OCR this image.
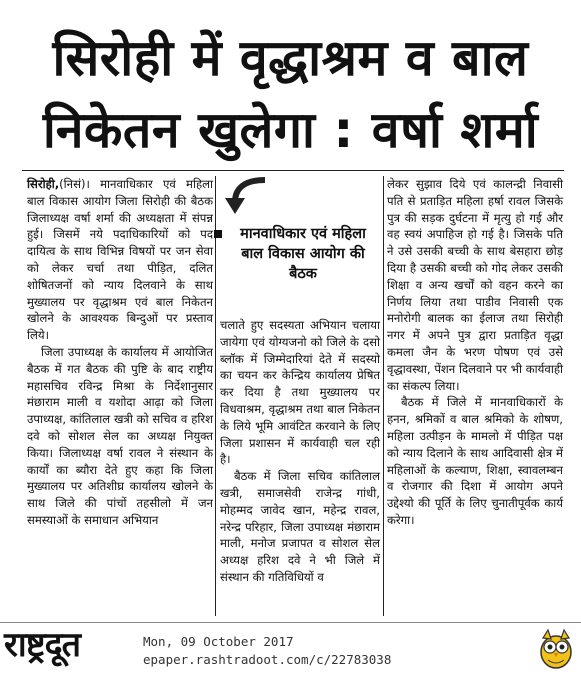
सिरोही में वृद्धाश्रम व बाल
निकेतन खुलेगा : वर्षा शर्मा

सिरोही,(निसं)। मानवाधिकार एवं महिला बाल विकास आयोग जिला सिरोही की बैठक जिलाध्यक्ष वर्षा शर्मा की अध्यक्षता में संपन्न हुई। जिसमें नये पदाधिकारियों को पद दायित्व के साथ विभिन्न विषयों पर जन सेवा को लेकर चर्चा तथा पीड़ित, दलित शोषितजनों को न्याय दिलवाने के साथ मुख्यालय पर वृद्धाश्रम एवं बाल निकेतन खोलने के आवश्यक बिन्दुओं पर प्रस्ताव लिये।

जिला उपाध्यक्ष के कार्यालय में आयोजित बैठक में गत बैठक की पुष्टि के बाद राष्ट्रीय महासचिव रविन्द्र मिश्रा के निर्देशानुसार मंछाराम माली व यशोदा आढ़ा को जिला उपाध्यक्ष, कांतिलाल खत्री को सचिव व हरिश दवे को सोशल सेल का अध्यक्ष नियुक्त किया। जिलाध्यक्ष वर्षा रावल ने संस्थान के कार्यों का ब्यौरा देते हुए कहा कि जिला मुख्यालय पर अतिशीघ्र कार्यालय खोलने के साथ जिले की पांचों तहसीलो में जन समस्याओं के समाधान अभियान

मानवाधिकार एवं महिला बाल विकास आयोग की बैठक

चलाते हुए सदस्यता अभियान चलाया जायेगा एवं योग्यजनो को जिले के दसो ब्लॉक में जिम्मेदारियां देते में सदस्यो का चयन कर केन्द्रिय कार्यालय प्रेषित कर दिया है तथा मुख्यालय पर विधवाश्रम, वृद्धाश्रम तथा बाल निकेतन के लिये भूमि आवंटित करवाने के लिए जिला प्रशासन में कार्यवाही चल रही है।

बैठक में जिला सचिव कांतिलाल खत्री, समाजसेवी राजेन्द्र गांधी, मोहम्मद जावेद खान, महेन्द्र रावल, नरेन्द्र परिहार, जिला उपाध्यक्ष मंछाराम माली, मनोज प्रजापत व सोशल सेल अध्यक्ष हरिश दवे ने भी जिले में संस्थान की गतिविधियों व

लेकर सुझाव दिये एवं कालन्द्री निवासी पति से प्रताड़ित महिला हर्षा रावल जिसके पुत्र की सड़क दुर्घटना में मृत्यु हो गई और वह स्वयं अपाहिज हो गई है। जिसके पति ने उसे उसकी बच्ची के साथ बेसहारा छोड़ दिया है उसकी बच्ची को गोद लेकर उसकी शिक्षा व अन्य खर्चों को वहन करने का निर्णय लिया तथा पाडीव निवासी एक मनोरोगी बालक का ईलाज तथा सिरोही नगर में अपने पुत्र द्वारा प्रताड़ित वृद्धा कमला जैन के भरण पोषण एवं उसे वृद्धावस्था, पेंशन दिलवाने पर भी कार्यवाही का संकल्प लिया।

बैठक में जिले में मानवाधिकारों के हनन, श्रमिकों व बाल श्रमिको के शोषण, महिला उत्पीड़न के मामलो में पीड़ित पक्ष को न्याय दिलाने के साथ आदिवासी क्षेत्र में महिलाओं के कल्याण, शिक्षा, स्वावलम्बन व रोजगार की दिशा में आयोग अपने उद्देश्यो की पूर्ति के लिए चुनातीपूर्वक कार्य करेगा।

राष्ट्रदूत	Mon, 09 October 2017
epaper.rashtradoot.com/c/22783038
